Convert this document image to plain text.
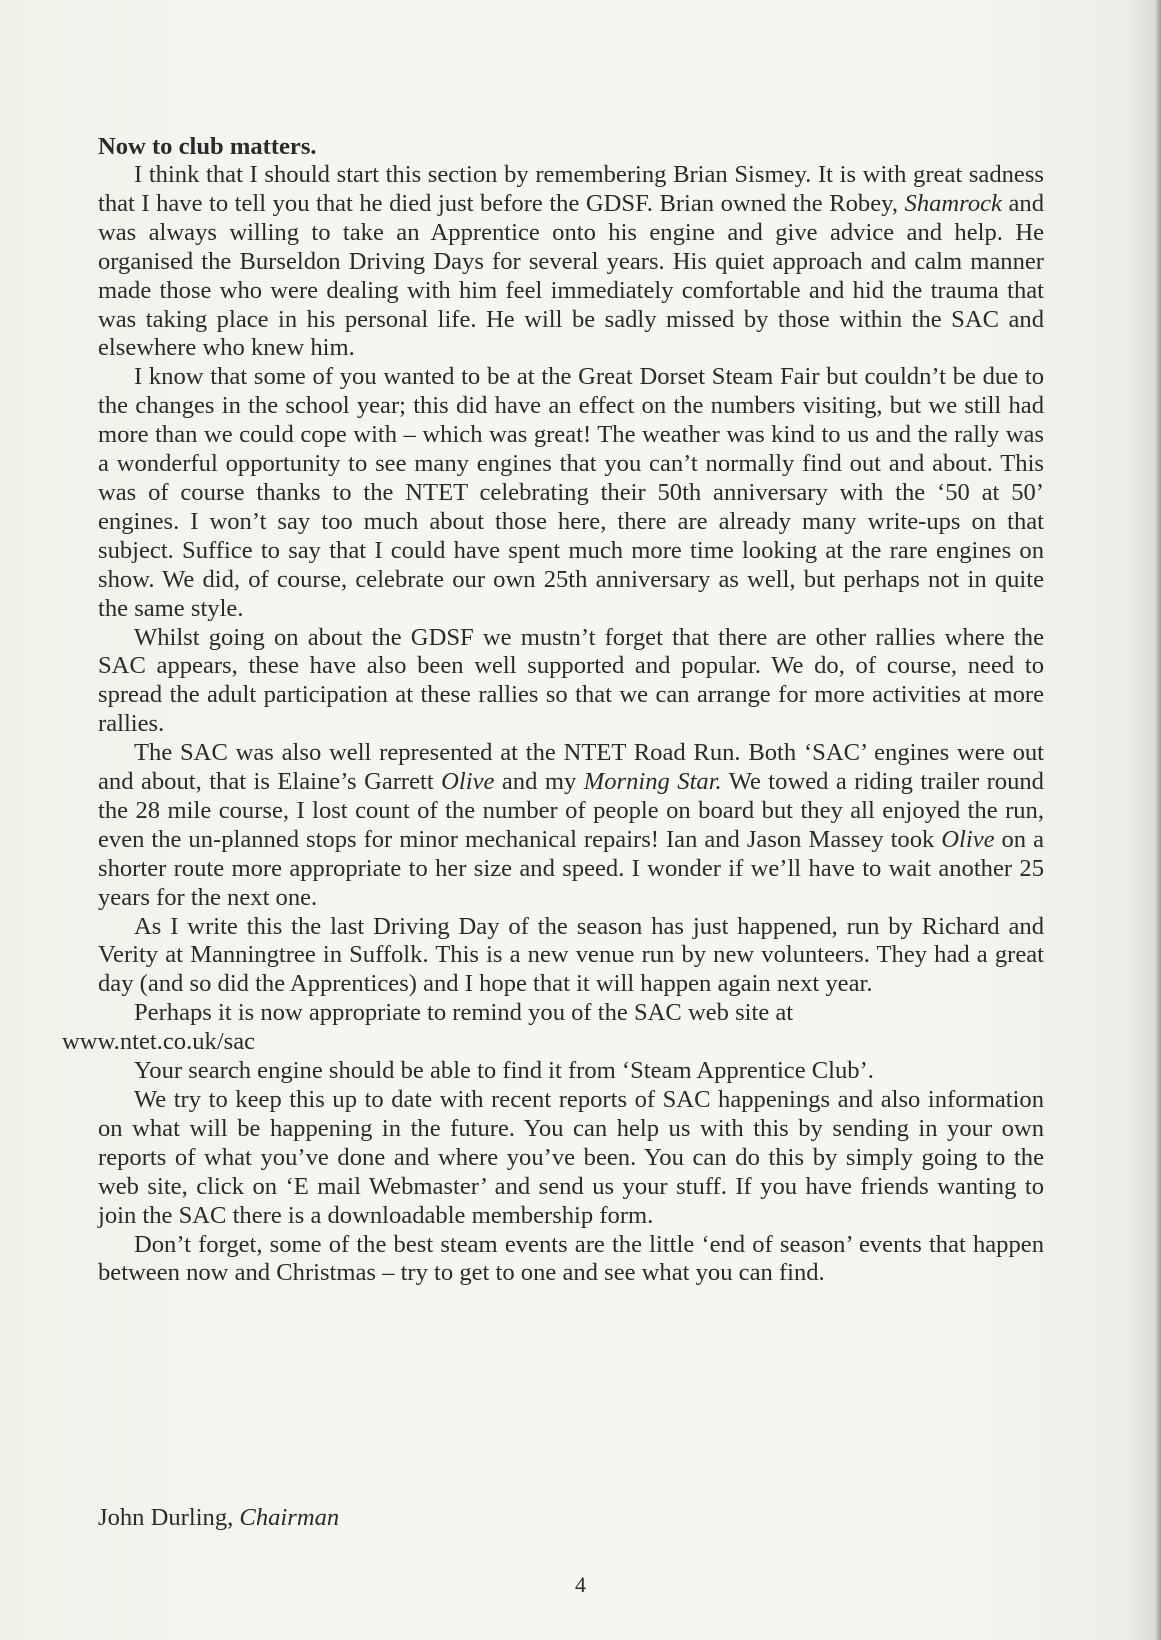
Now to club matters.

I think that I should start this section by remembering Brian Sismey. It is with great sadness that I have to tell you that he died just before the GDSF. Brian owned the Robey, Shamrock and was always willing to take an Apprentice onto his engine and give advice and help. He organised the Burseldon Driving Days for several years. His quiet approach and calm manner made those who were dealing with him feel immediately comfortable and hid the trauma that was taking place in his personal life. He will be sadly missed by those within the SAC and elsewhere who knew him.

I know that some of you wanted to be at the Great Dorset Steam Fair but couldn’t be due to the changes in the school year; this did have an effect on the numbers visiting, but we still had more than we could cope with – which was great! The weather was kind to us and the rally was a wonderful opportunity to see many engines that you can’t normally find out and about. This was of course thanks to the NTET celebrating their 50th anniversary with the ‘50 at 50’ engines. I won’t say too much about those here, there are already many write-ups on that subject. Suffice to say that I could have spent much more time looking at the rare engines on show. We did, of course, celebrate our own 25th anniversary as well, but perhaps not in quite the same style.

Whilst going on about the GDSF we mustn’t forget that there are other rallies where the SAC appears, these have also been well supported and popular. We do, of course, need to spread the adult participation at these rallies so that we can arrange for more activities at more rallies.

The SAC was also well represented at the NTET Road Run. Both ‘SAC’ engines were out and about, that is Elaine’s Garrett Olive and my Morning Star. We towed a riding trailer round the 28 mile course, I lost count of the number of people on board but they all enjoyed the run, even the un-planned stops for minor mechanical repairs! Ian and Jason Massey took Olive on a shorter route more appropriate to her size and speed. I wonder if we’ll have to wait another 25 years for the next one.

As I write this the last Driving Day of the season has just happened, run by Richard and Verity at Manningtree in Suffolk. This is a new venue run by new volunteers. They had a great day (and so did the Apprentices) and I hope that it will happen again next year.

Perhaps it is now appropriate to remind you of the SAC web site at
www.ntet.co.uk/sac

Your search engine should be able to find it from ‘Steam Apprentice Club’.

We try to keep this up to date with recent reports of SAC happenings and also information on what will be happening in the future. You can help us with this by sending in your own reports of what you’ve done and where you’ve been. You can do this by simply going to the web site, click on ‘E mail Webmaster’ and send us your stuff. If you have friends wanting to join the SAC there is a downloadable membership form.

Don’t forget, some of the best steam events are the little ‘end of season’ events that happen between now and Christmas – try to get to one and see what you can find.

John Durling, Chairman
4
